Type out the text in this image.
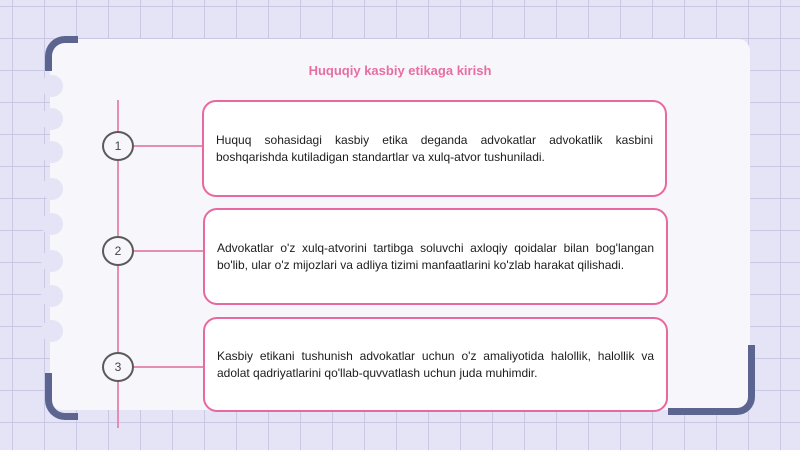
Huquqiy kasbiy etikaga kirish
1	Huquq sohasidagi kasbiy etika deganda advokatlar advokatlik kasbini boshqarishda kutiladigan standartlar va xulq-atvor tushuniladi.
2	Advokatlar o'z xulq-atvorini tartibga soluvchi axloqiy qoidalar bilan bog'langan bo'lib, ular o'z mijozlari va adliya tizimi manfaatlarini ko'zlab harakat qilishadi.
3
Kasbiy etikani tushunish advokatlar uchun o'z amaliyotida halollik, halollik va adolat qadriyatlarini qo'llab-quvvatlash uchun juda muhimdir.
